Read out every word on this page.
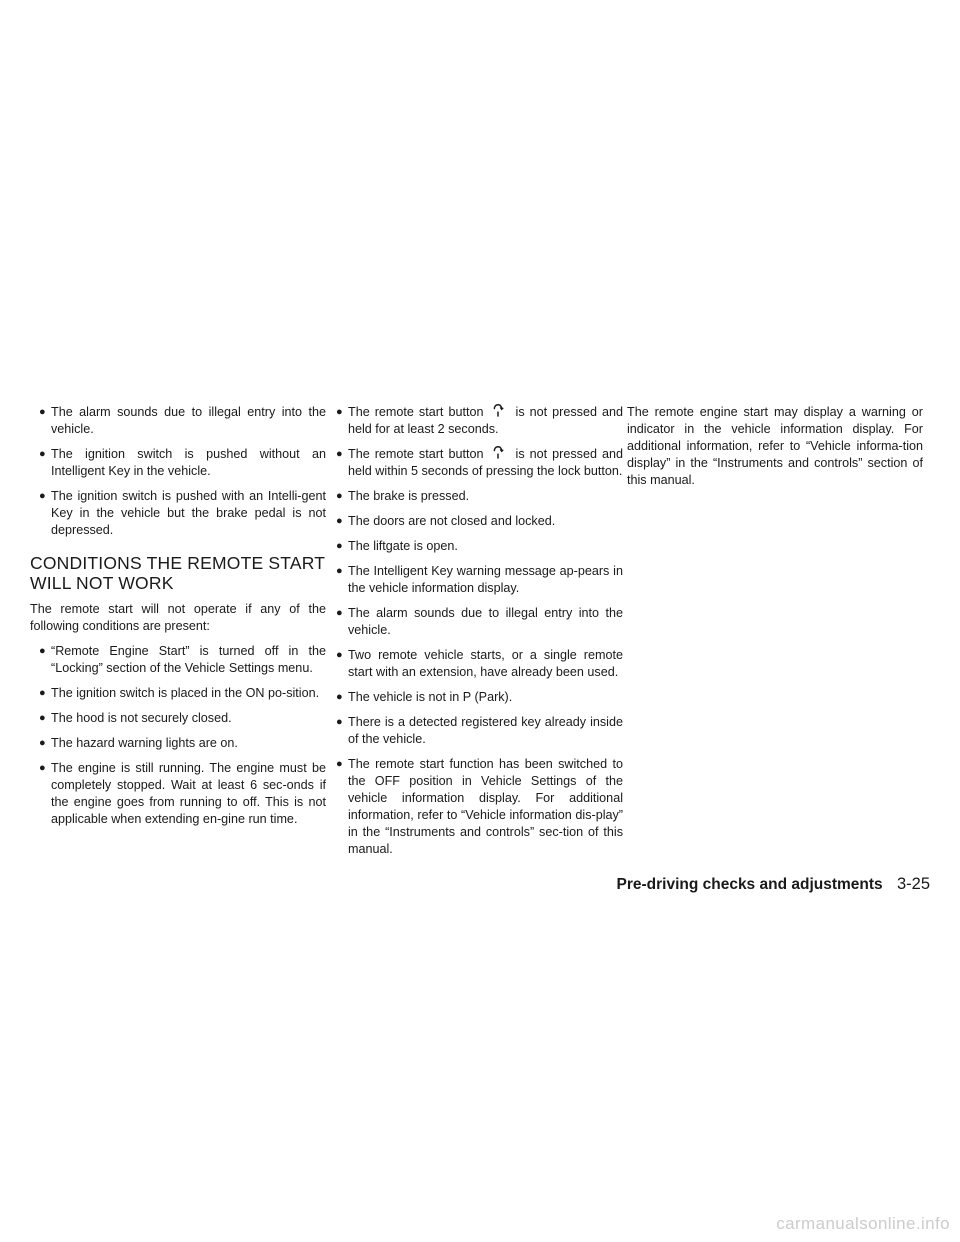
● The alarm sounds due to illegal entry into the vehicle.
● The ignition switch is pushed without an Intelligent Key in the vehicle.
● The ignition switch is pushed with an Intelli-gent Key in the vehicle but the brake pedal is not depressed.
CONDITIONS THE REMOTE START
WILL NOT WORK

The remote start will not operate if any of the following conditions are present:

● “Remote Engine Start” is turned off in the “Locking” section of the Vehicle Settings menu.
● The ignition switch is placed in the ON po-sition.
● The hood is not securely closed.
● The hazard warning lights are on.
● The engine is still running. The engine must be completely stopped. Wait at least 6 sec-onds if the engine goes from running to off. This is not applicable when extending en-gine run time.
● The remote start button	is not pressed and held for at least 2 seconds.
● The remote start button	is not pressed and held within 5 seconds of pressing the lock button.
● The brake is pressed.
● The doors are not closed and locked.
● The liftgate is open.
● The Intelligent Key warning message ap-pears in the vehicle information display.
● The alarm sounds due to illegal entry into the vehicle.
● Two remote vehicle starts, or a single remote start with an extension, have already been used.
● The vehicle is not in P (Park).
● There is a detected registered key already inside of the vehicle.
● The remote start function has been switched to the OFF position in Vehicle Settings of the vehicle information display. For additional information, refer to “Vehicle information dis-play” in the “Instruments and controls” sec-tion of this manual.

The remote engine start may display a warning or indicator in the vehicle information display. For additional information, refer to “Vehicle informa-tion display” in the “Instruments and controls” section of this manual.

Pre-driving checks and adjustments 3-25
carmanualsonline.info
